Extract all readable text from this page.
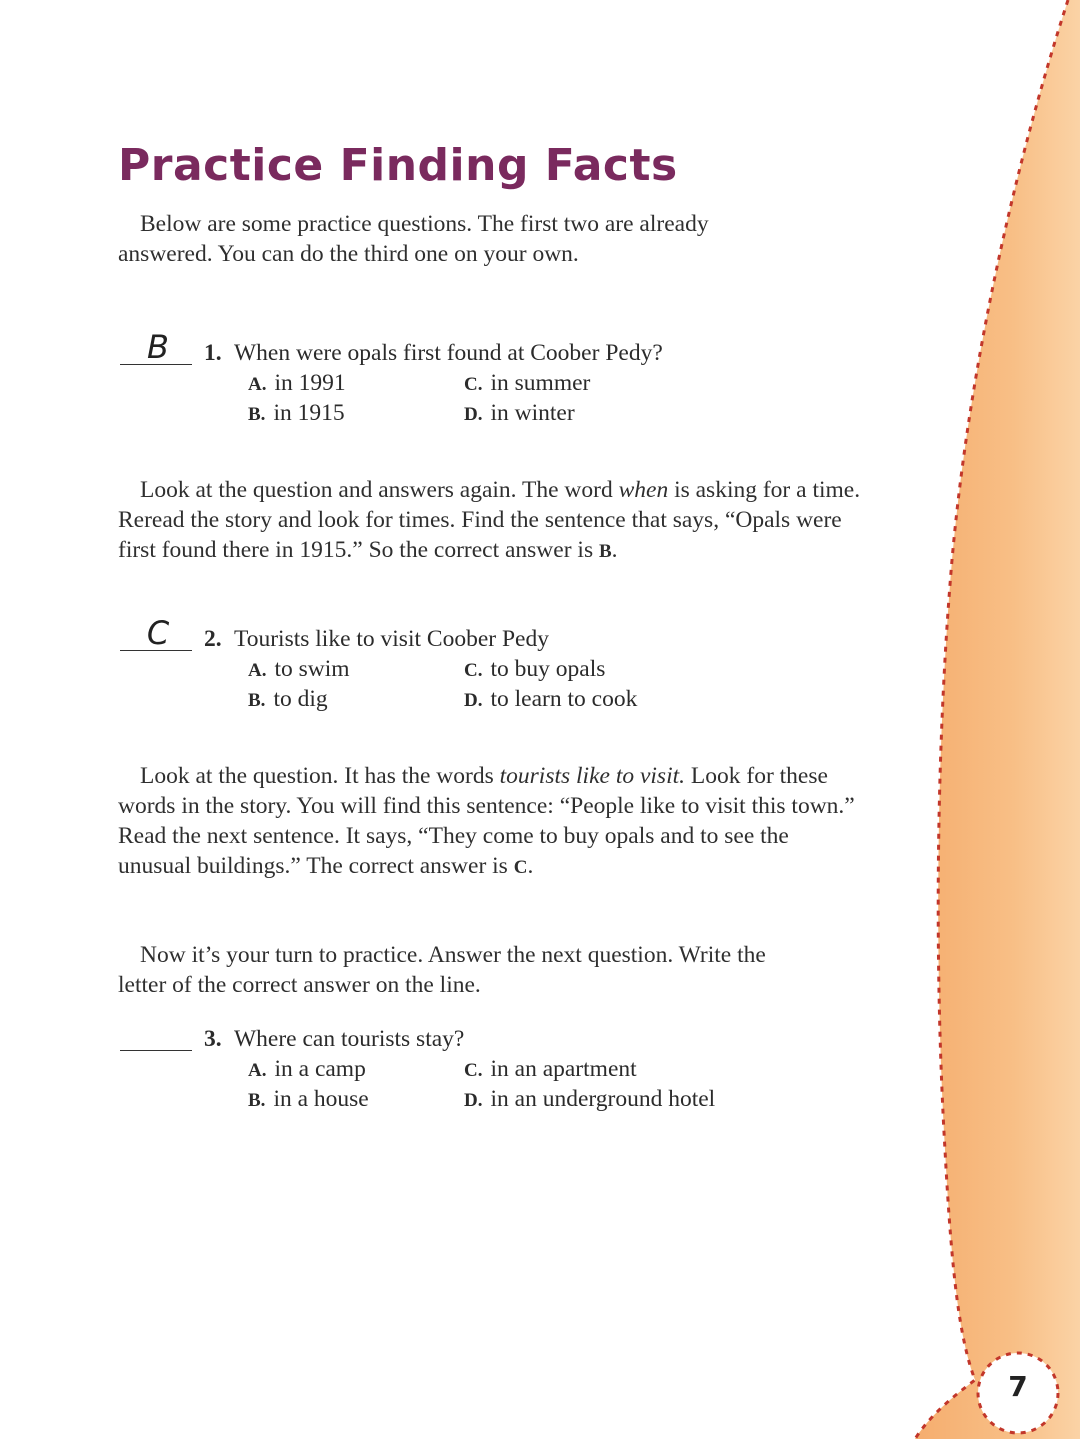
Practice Finding Facts

Below are some practice questions. The first two are already answered. You can do the third one on your own.

B	1. When were opals first found at Coober Pedy?
A. in 1991
B. in 1915
C. in summer
D. in winter

Look at the question and answers again. The word when is asking for a time. Reread the story and look for times. Find the sentence that says, “Opals were first found there in 1915.” So the correct answer is B.

C	2. Tourists like to visit Coober Pedy
A. to swim
B. to dig
C. to buy opals
D. to learn to cook

Look at the question. It has the words tourists like to visit. Look for these words in the story. You will find this sentence: “People like to visit this town.” Read the next sentence. It says, “They come to buy opals and to see the unusual buildings.” The correct answer is C.

Now it’s your turn to practice. Answer the next question. Write the letter of the correct answer on the line.

3. Where can tourists stay?
A. in a camp
B. in a house
C. in an apartment
D. in an underground hotel
7
